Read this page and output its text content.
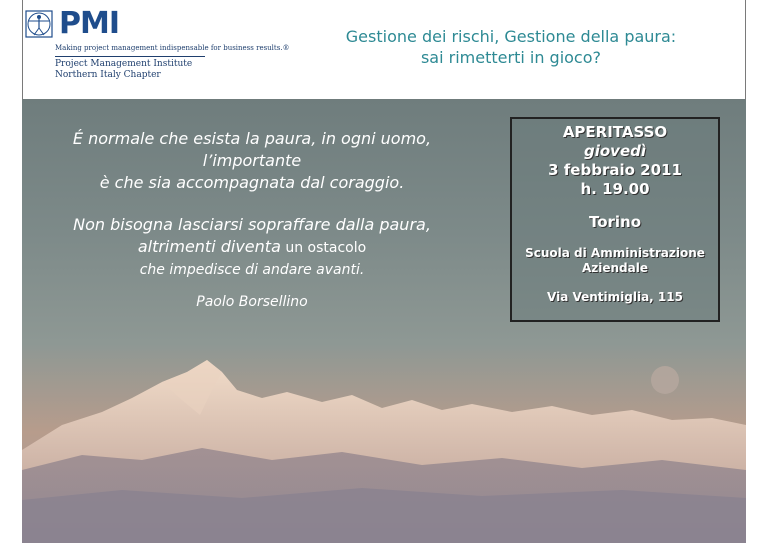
PMI
Making project management indispensable for business results.®
Project Management Institute
Northern Italy Chapter
Gestione dei rischi, Gestione della paura:
sai rimetterti in gioco?
É normale che esista la paura, in ogni uomo,
l’importante
è che sia accompagnata dal coraggio.
Non bisogna lasciarsi sopraffare dalla paura,
altrimenti diventa un ostacolo
che impedisce di andare avanti.
Paolo Borsellino
APERITASSO
giovedì
3 febbraio 2011
h. 19.00
Torino
Scuola di Amministrazione
Aziendale
Via Ventimiglia, 115
